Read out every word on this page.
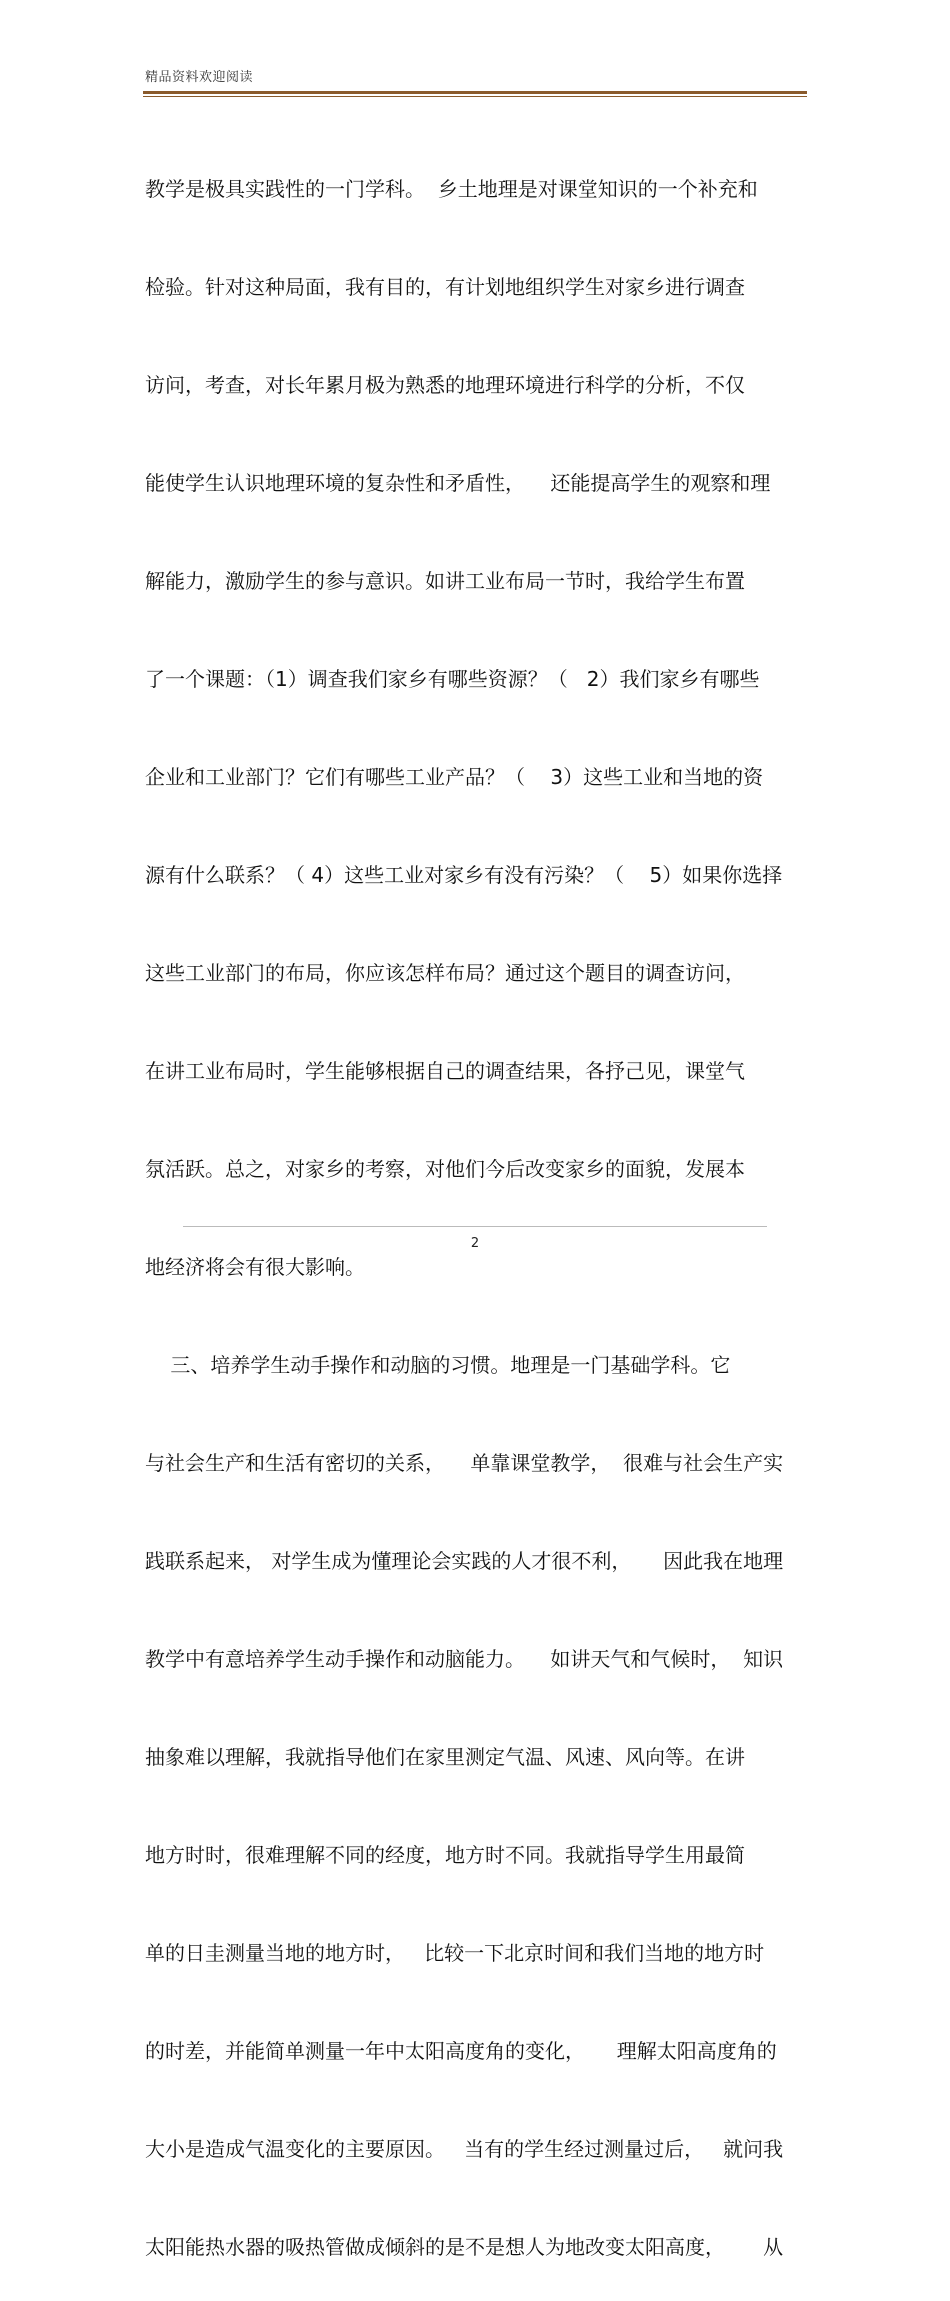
精品资料欢迎阅读

教学是极具实践性的一门学科。  乡土地理是对课堂知识的一个补充和

检验。针对这种局面，我有目的，有计划地组织学生对家乡进行调查

访问，考查，对长年累月极为熟悉的地理环境进行科学的分析，不仅

能使学生认识地理环境的复杂性和矛盾性，    还能提高学生的观察和理

解能力，激励学生的参与意识。如讲工业布局一节时，我给学生布置

了一个课题：（1）调查我们家乡有哪些资源？（   2）我们家乡有哪些

企业和工业部门？它们有哪些工业产品？（    3）这些工业和当地的资

源有什么联系？（ 4）这些工业对家乡有没有污染？（    5）如果你选择

这些工业部门的布局，你应该怎样布局？通过这个题目的调查访问，

在讲工业布局时，学生能够根据自己的调查结果，各抒己见，课堂气

氛活跃。总之，对家乡的考察，对他们今后改变家乡的面貌，发展本

地经济将会有很大影响。

三、培养学生动手操作和动脑的习惯。地理是一门基础学科。它

与社会生产和生活有密切的关系，    单靠课堂教学，  很难与社会生产实

践联系起来， 对学生成为懂理论会实践的人才很不利，     因此我在地理

教学中有意培养学生动手操作和动脑能力。    如讲天气和气候时，  知识

抽象难以理解，我就指导他们在家里测定气温、风速、风向等。在讲

地方时时，很难理解不同的经度，地方时不同。我就指导学生用最简

单的日圭测量当地的地方时，   比较一下北京时间和我们当地的地方时

的时差，并能简单测量一年中太阳高度角的变化，     理解太阳高度角的

大小是造成气温变化的主要原因。   当有的学生经过测量过后，   就问我

太阳能热水器的吸热管做成倾斜的是不是想人为地改变太阳高度，      从

2
